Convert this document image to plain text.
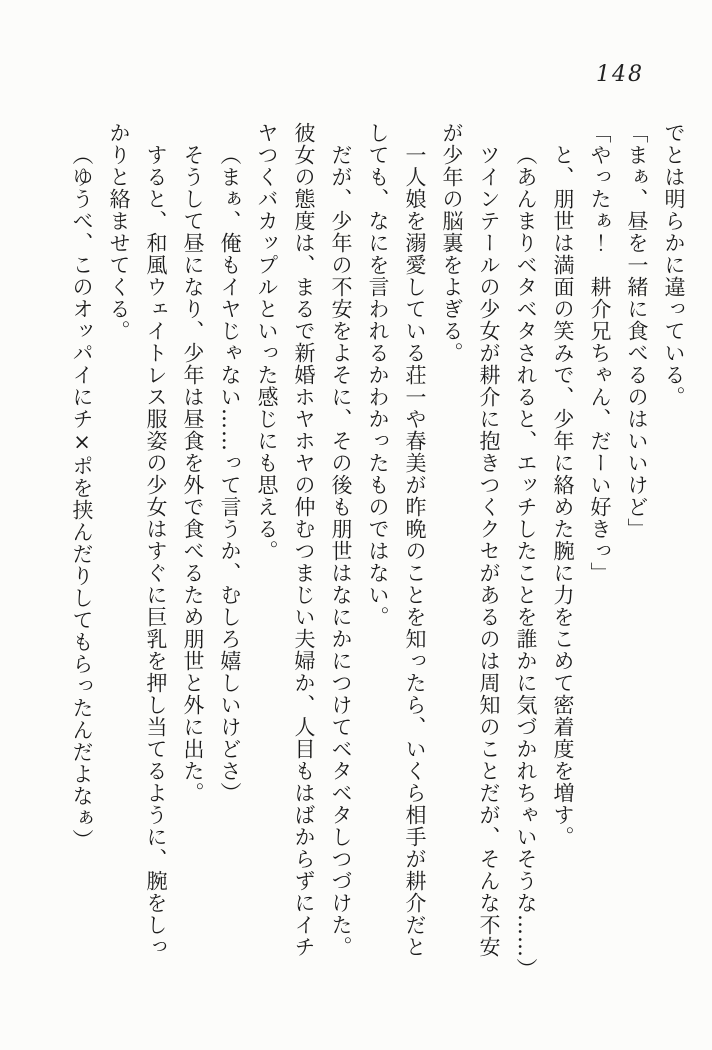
148

でとは明らかに違っている。

「まぁ、昼を一緒に食べるのはいいけど」

「やったぁ！　耕介兄ちゃん、だーい好きっ」

と、朋世は満面の笑みで、少年に絡めた腕に力をこめて密着度を増す。

（あんまりベタベタされると、エッチしたことを誰かに気づかれちゃいそうな……）

ツインテールの少女が耕介に抱きつくクセがあるのは周知のことだが、そんな不安

が少年の脳裏をよぎる。

一人娘を溺愛している荘一や春美が昨晩のことを知ったら、いくら相手が耕介だと

しても、なにを言われるかわかったものではない。

だが、少年の不安をよそに、その後も朋世はなにかにつけてベタベタしつづけた。

彼女の態度は、まるで新婚ホヤホヤの仲むつまじい夫婦か、人目もはばからずにイチ

ヤつくバカップルといった感じにも思える。

（まぁ、俺もイヤじゃない……って言うか、むしろ嬉しいけどさ）

そうして昼になり、少年は昼食を外で食べるため朋世と外に出た。

すると、和風ウェイトレス服姿の少女はすぐに巨乳を押し当てるように、腕をしっ

かりと絡ませてくる。

（ゆうべ、このオッパイにチ×ポを挟んだりしてもらったんだよなぁ）
